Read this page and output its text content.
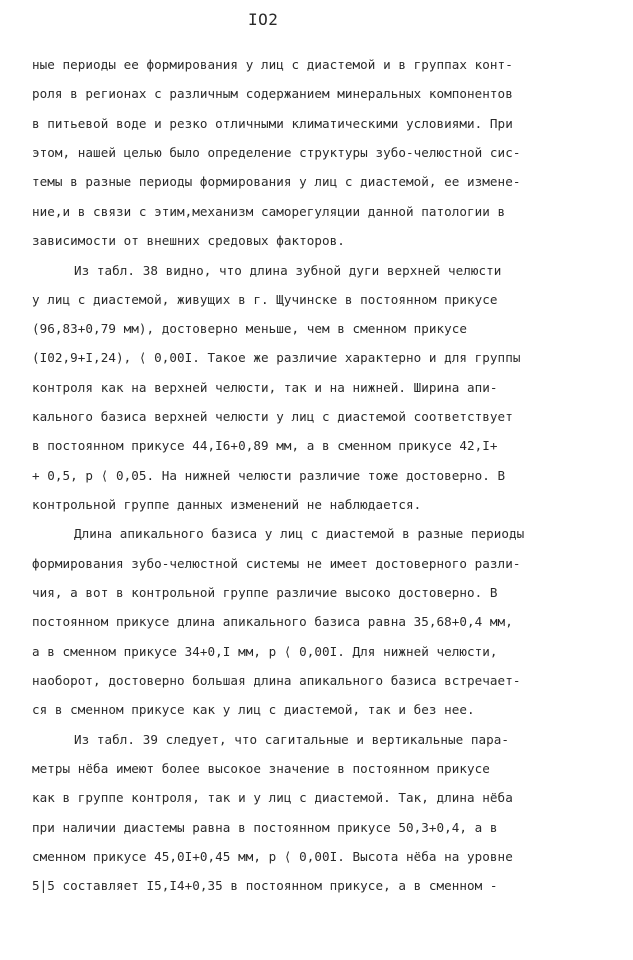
IO2
ные периоды ее формирования у лиц с диастемой и в группах конт-
роля в регионах с различным содержанием минеральных компонентов
в питьевой воде и резко отличными климатическими условиями. При
этом, нашей целью было определение структуры зубо-челюстной сис-
темы в разные периоды формирования у лиц с диастемой, ее измене-
ние,и в связи с этим,механизм саморегуляции данной патологии в
зависимости от внешних средовых факторов.
Из табл. 38 видно, что длина зубной дуги верхней челюсти
у лиц с диастемой, живущих в г. Щучинске в постоянном прикусе
(96,83+0,79 мм), достоверно меньше, чем в сменном прикусе
(I02,9+I,24), ⟨ 0,00I. Такое же различие характерно и для группы
контроля как на верхней челюсти, так и на нижней. Ширина апи-
кального базиса верхней челюсти у лиц с диастемой соответствует
в постоянном прикусе 44,I6+0,89 мм, а в сменном прикусе 42,I+
+ 0,5, р ⟨ 0,05. На нижней челюсти различие тоже достоверно. В
контрольной группе данных изменений не наблюдается.
Длина апикального базиса у лиц с диастемой в разные периоды
формирования зубо-челюстной системы не имеет достоверного разли-
чия, а вот в контрольной группе различие высоко достоверно. В
постоянном прикусе длина апикального базиса равна 35,68+0,4 мм,
а в сменном прикусе 34+0,I мм, р ⟨ 0,00I. Для нижней челюсти,
наоборот, достоверно большая длина апикального базиса встречает-
ся в сменном прикусе как у лиц с диастемой, так и без нее.
Из табл. 39 следует, что сагитальные и вертикальные пара-
метры нёба имеют более высокое значение в постоянном прикусе
как в группе контроля, так и у лиц с диастемой. Так, длина нёба
при наличии диастемы равна в постоянном прикусе 50,3+0,4, а в
сменном прикусе 45,0I+0,45 мм, р ⟨ 0,00I. Высота нёба на уровне
5|5 составляет I5,I4+0,35 в постоянном прикусе, а в сменном -
